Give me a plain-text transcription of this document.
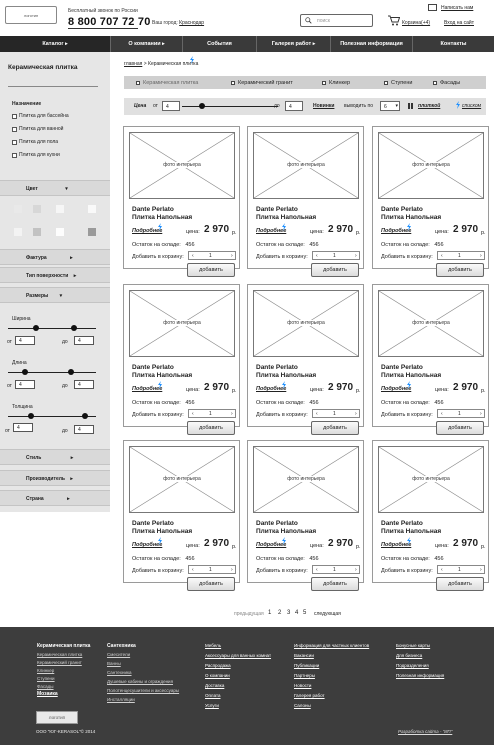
логотип
Бесплатный звонок по России
8 800 707 72 70 Ваш город: Краснодар	поиск	Корзина(+4)
Написать нам
Вход на сайт
Каталог
▸	О компании
▸	События	Галерея работ
▸	Полезная информация	Контакты
Керамическая плитка
Назначение
Плитка для бассейна
Плитка для ванной
Плитка для пола
Плитка для кухни
Цвет	▾
Фактура	▸
Тип поверхности ▸
Размеры ▾
Ширина
от	4	до	4
Длина
от	4	до	4
Толщина
от	4	до	4
Стиль	▸
Производитель ▸
Страна	▸
главная > Керамическая плитка
Керамическая плитка	Керамический гранит	Клинкер	Ступени	Фасады
Цена от	4	до	4	Новинки выводить по	6 ▾	плиткой	списком
фото интерьера
Dante Perlato
Плитка Напольная
Подробнее	цена: 2 970 р.
Остаток на складе: 456
Добавить в корзину: ‹	1	›
добавить
фото интерьера
Dante Perlato
Плитка Напольная
Подробнее	цена: 2 970 р.
Остаток на складе: 456
Добавить в корзину: ‹	1	›
добавить
фото интерьера
Dante Perlato
Плитка Напольная
Подробнее	цена: 2 970 р.
Остаток на складе: 456
Добавить в корзину: ‹	1	›
добавить
фото интерьера
Dante Perlato
Плитка Напольная
Подробнее	цена: 2 970 р.
Остаток на складе: 456
Добавить в корзину: ‹	1	›
добавить
фото интерьера
Dante Perlato
Плитка Напольная
Подробнее	цена: 2 970 р.
Остаток на складе: 456
Добавить в корзину: ‹	1	›
добавить
фото интерьера
Dante Perlato
Плитка Напольная
Подробнее	цена: 2 970 р.
Остаток на складе: 456
Добавить в корзину: ‹	1	›
добавить
фото интерьера
Dante Perlato
Плитка Напольная
Подробнее	цена: 2 970 р.
Остаток на складе: 456
Добавить в корзину: ‹	1	›
добавить
фото интерьера
Dante Perlato
Плитка Напольная
Подробнее	цена: 2 970 р.
Остаток на складе: 456
Добавить в корзину: ‹	1	›
добавить
фото интерьера
Dante Perlato
Плитка Напольная
Подробнее	цена: 2 970 р.
Остаток на складе: 456
Добавить в корзину: ‹	1	›
добавить
предыдущая 1 2 3 4 5 следующая
Керамическая плитка
Керамическая плитка
Керамический гранит
Клинкер
Ступени
Фасады
Мозаика
Сантехника
Смесители
Ванны
Сантехника
Душевые кабины и ограждения
Полотенцесушители и аксессуары
Инсталляции
Мебель
Аксессуары для ванных комнат
Распродажа
О компании
Доставка
Оплата
Услуги
Информация для частных клиентов
Вакансии
Публикации
Партнеры
Новости
Галерея работ
Салоны
Бонусные карты
Для бизнеса
Подразделения
Полезная информация
логотип
ООО "ЮГ-KERASOL"© 2014	Разработка сайта - "ИП"
